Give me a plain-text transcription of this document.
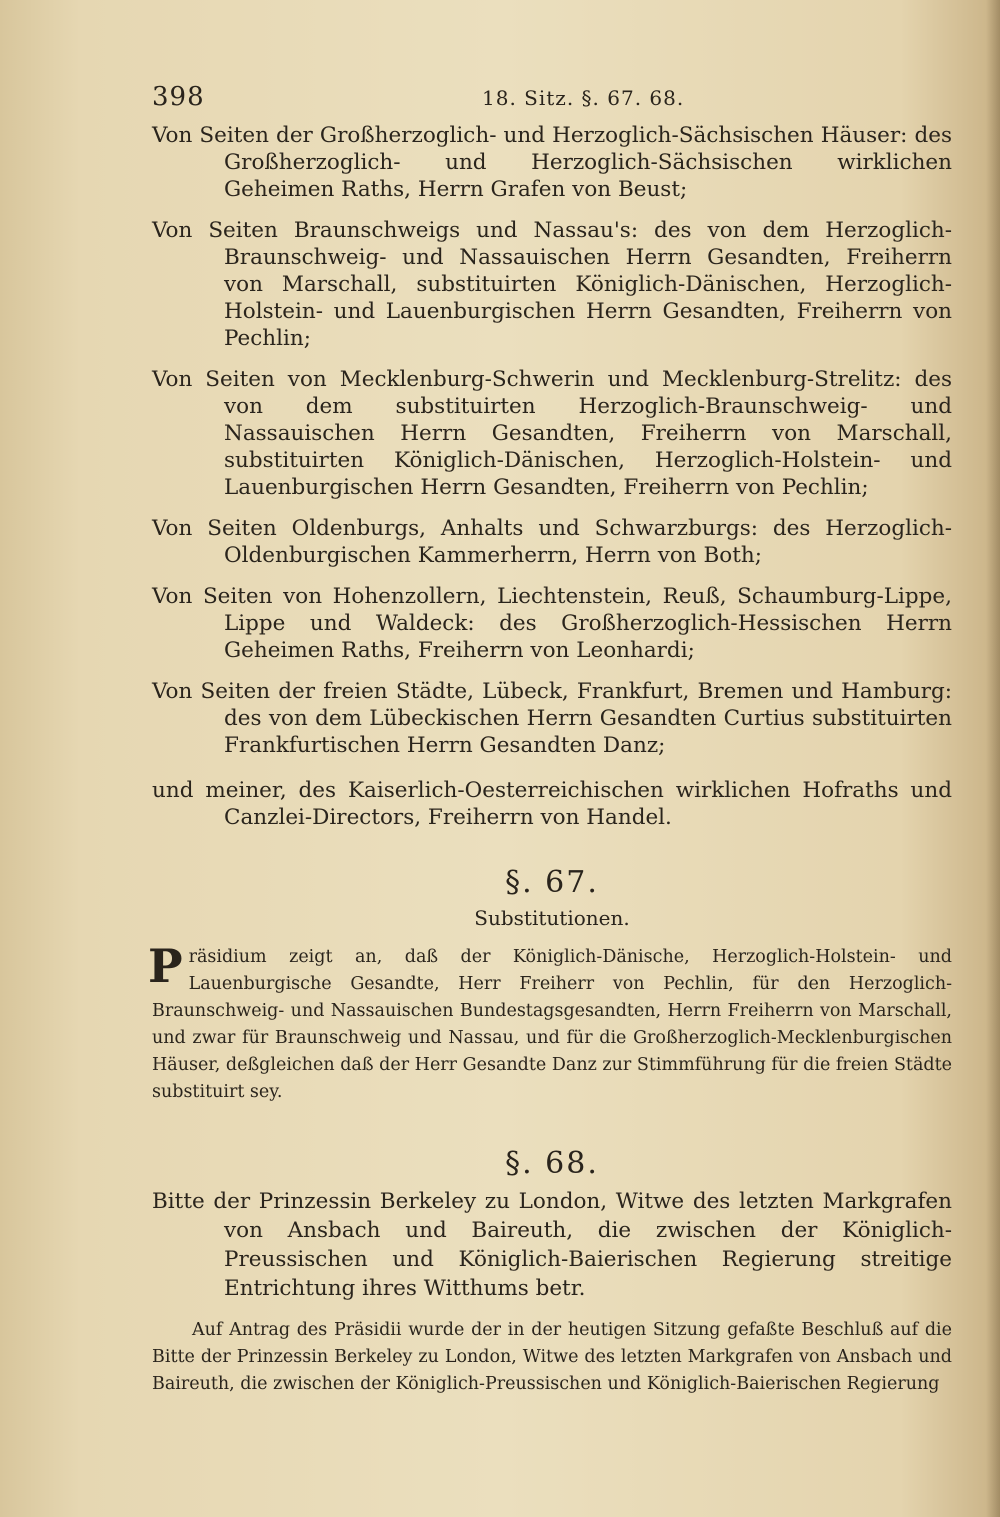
398	18. Sitz. §. 67. 68.

Von Seiten der Großherzoglich- und Herzoglich-Sächsischen Häuser: des Großherzoglich- und Herzoglich-Sächsischen wirklichen Geheimen Raths, Herrn Grafen von Beust;

Von Seiten Braunschweigs und Nassau's: des von dem Herzoglich-Braunschweig- und Nassauischen Herrn Gesandten, Freiherrn von Marschall, substituirten Königlich-Dänischen, Herzoglich-Holstein- und Lauenburgischen Herrn Gesandten, Freiherrn von Pechlin;

Von Seiten von Mecklenburg-Schwerin und Mecklenburg-Strelitz: des von dem substituirten Herzoglich-Braunschweig- und Nassauischen Herrn Gesandten, Freiherrn von Marschall, substituirten Königlich-Dänischen, Herzoglich-Holstein- und Lauenburgischen Herrn Gesandten, Freiherrn von Pechlin;

Von Seiten Oldenburgs, Anhalts und Schwarzburgs: des Herzoglich-Oldenburgischen Kammerherrn, Herrn von Both;

Von Seiten von Hohenzollern, Liechtenstein, Reuß, Schaumburg-Lippe, Lippe und Waldeck: des Großherzoglich-Hessischen Herrn Geheimen Raths, Freiherrn von Leonhardi;

Von Seiten der freien Städte, Lübeck, Frankfurt, Bremen und Hamburg: des von dem Lübeckischen Herrn Gesandten Curtius substituirten Frankfurtischen Herrn Gesandten Danz;

und meiner, des Kaiserlich-Oesterreichischen wirklichen Hofraths und Canzlei-Directors, Freiherrn von Handel.

§. 67.
Substitutionen.

Präsidium zeigt an, daß der Königlich-Dänische, Herzoglich-Holstein- und Lauenburgische Gesandte, Herr Freiherr von Pechlin, für den Herzoglich-Braunschweig- und Nassauischen Bundestagsgesandten, Herrn Freiherrn von Marschall, und zwar für Braunschweig und Nassau, und für die Großherzoglich-Mecklenburgischen Häuser, deßgleichen daß der Herr Gesandte Danz zur Stimmführung für die freien Städte substituirt sey.

§. 68.

Bitte der Prinzessin Berkeley zu London, Witwe des letzten Markgrafen von Ansbach und Baireuth, die zwischen der Königlich-Preussischen und Königlich-Baierischen Regierung streitige Entrichtung ihres Witthums betr.

Auf Antrag des Präsidii wurde der in der heutigen Sitzung gefaßte Beschluß auf die Bitte der Prinzessin Berkeley zu London, Witwe des letzten Markgrafen von Ansbach und Baireuth, die zwischen der Königlich-Preussischen und Königlich-Baierischen Regierung
